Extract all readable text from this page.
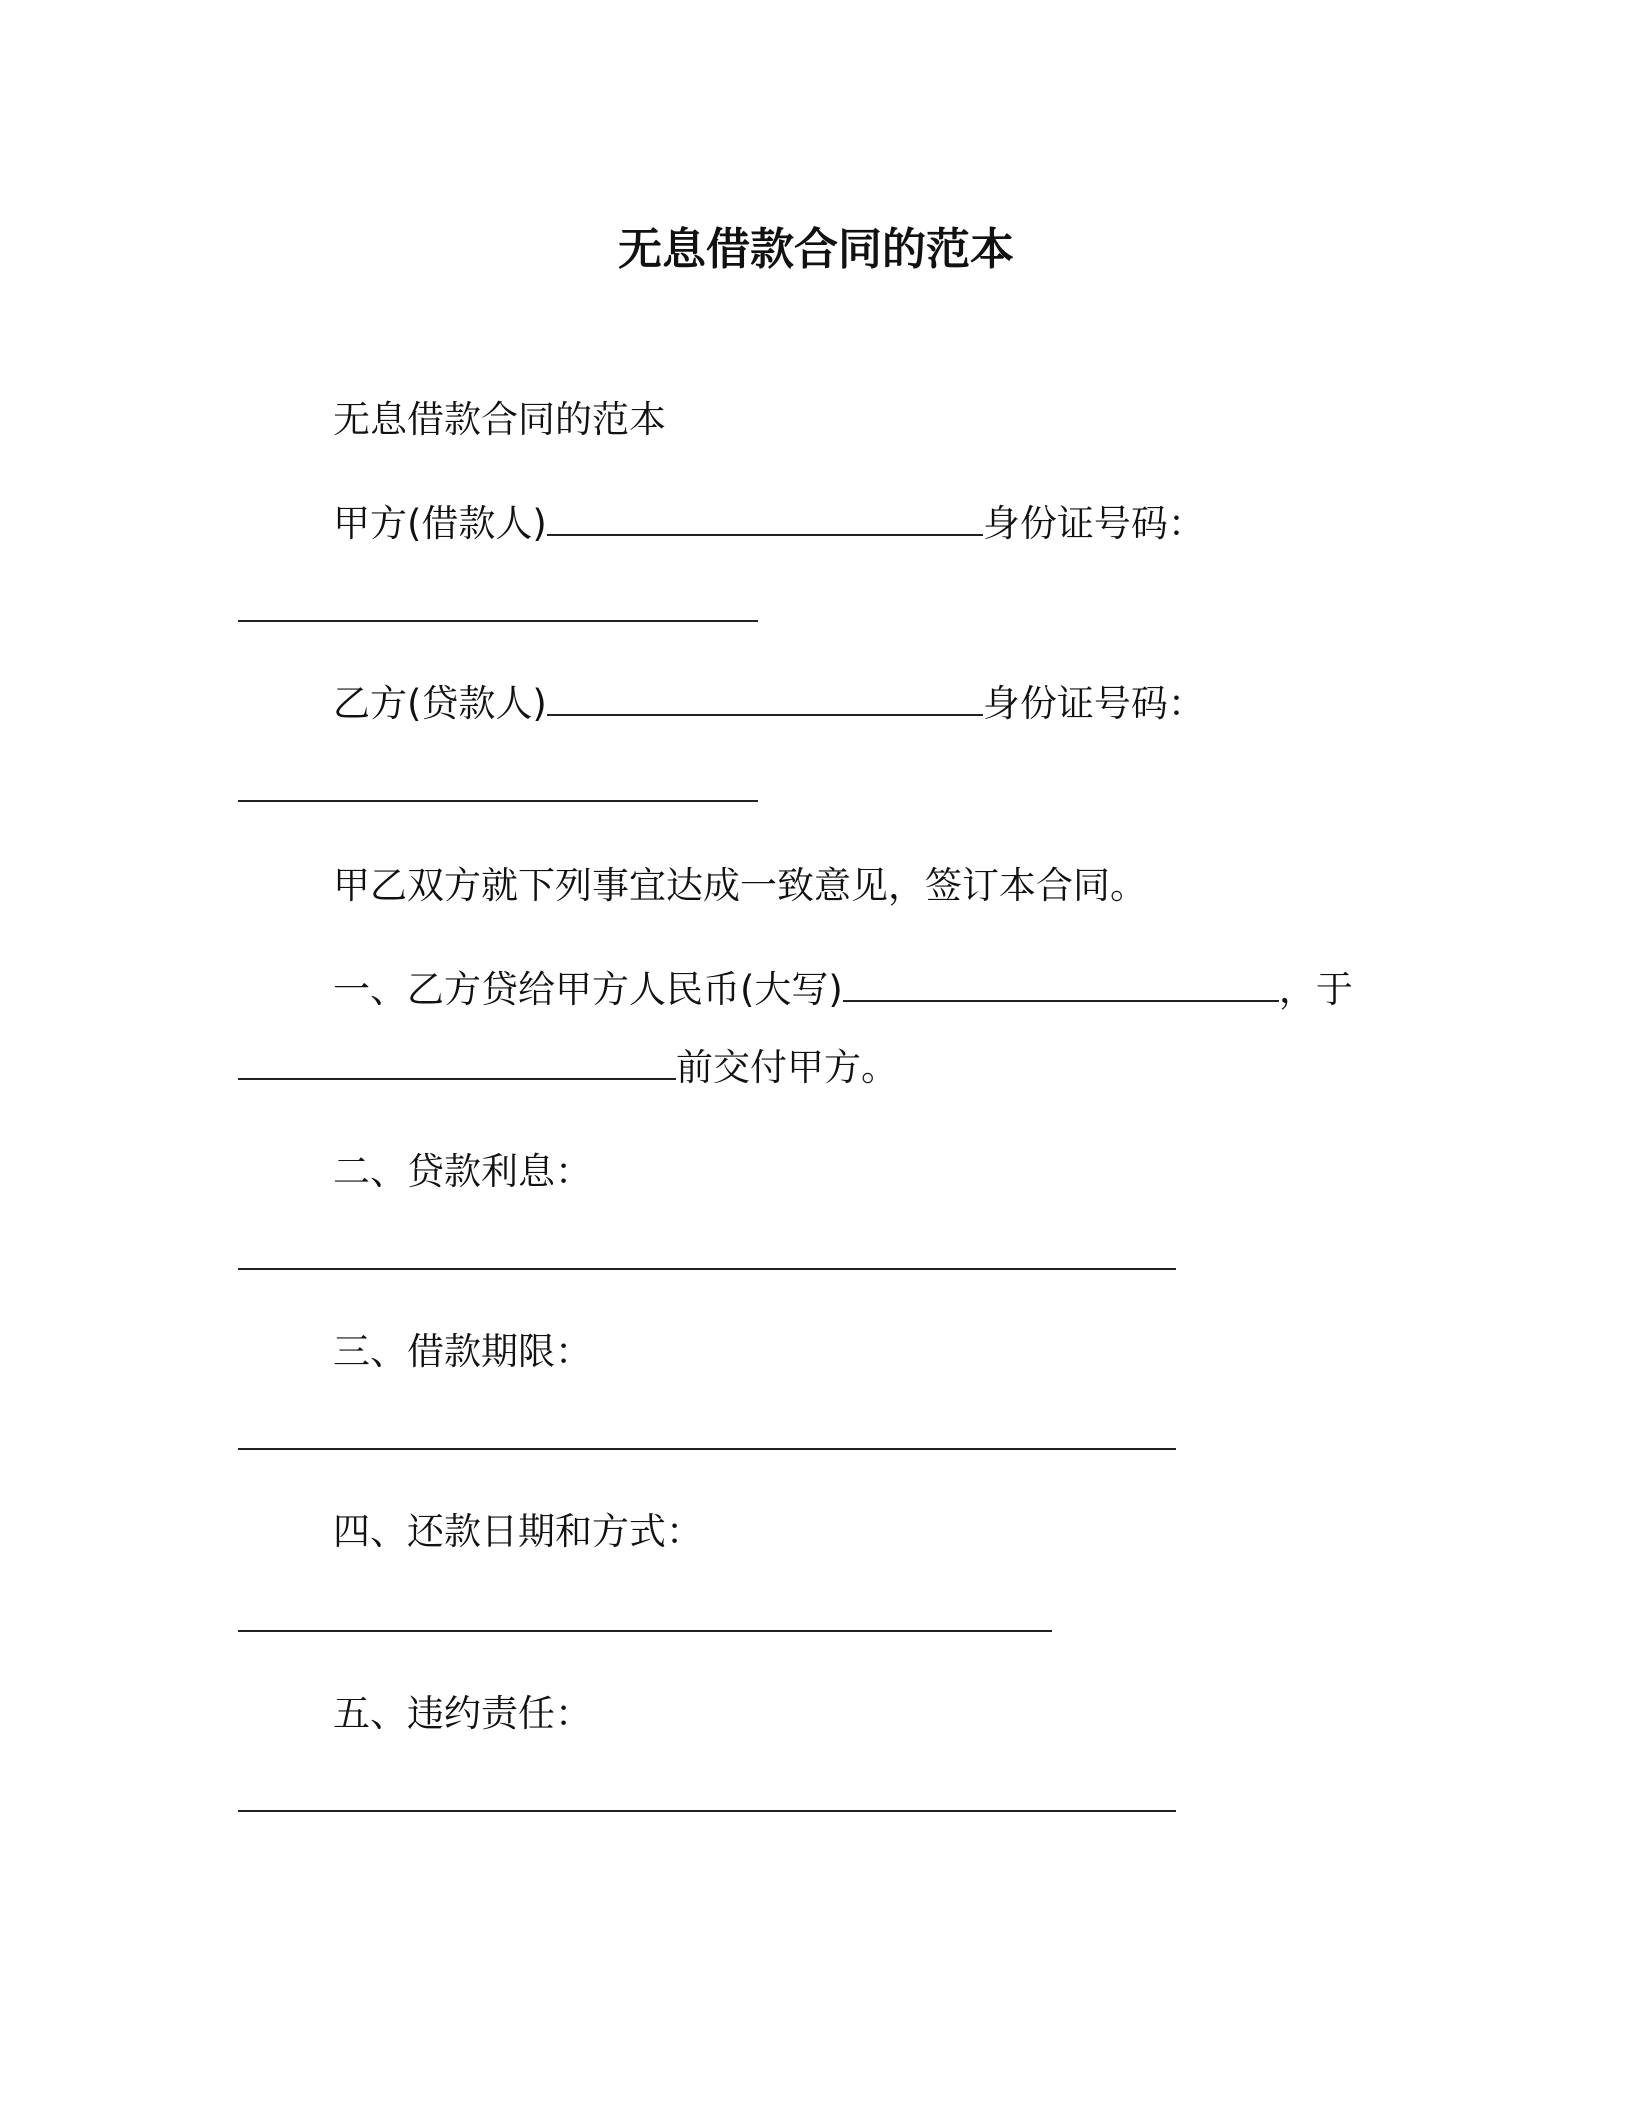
无息借款合同的范本
无息借款合同的范本
甲方(借款人)	身份证号码：
乙方(贷款人)	身份证号码：
甲乙双方就下列事宜达成一致意见，签订本合同。
一、乙方贷给甲方人民币(大写)	，于
前交付甲方。
二、贷款利息：
三、借款期限：
四、还款日期和方式：
五、违约责任：
